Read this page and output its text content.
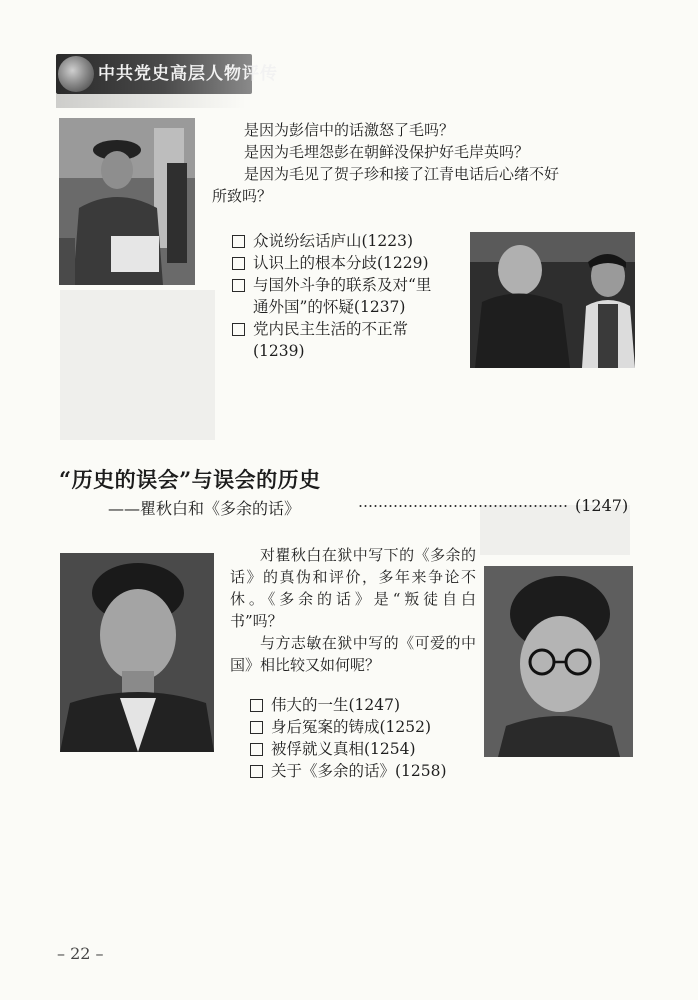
中共党史高层人物评传
是因为彭信中的话激怒了毛吗？
是因为毛埋怨彭在朝鲜没保护好毛岸英吗？
是因为毛见了贺子珍和接了江青电话后心绪不好
所致吗？
众说纷纭话庐山(1223)
认识上的根本分歧(1229)
与国外斗争的联系及对“里
通外国”的怀疑(1237)
党内民主生活的不正常
(1239)
“历史的误会”与误会的历史
——瞿秋白和《多余的话》	(1247)

对瞿秋白在狱中写下的《多余的话》的真伪和评价，多年来争论不休。《多余的话》是“叛徒自白书”吗？

与方志敏在狱中写的《可爱的中国》相比较又如何呢？

伟大的一生(1247)
身后冤案的铸成(1252)
被俘就义真相(1254)
关于《多余的话》(1258)
– 22 –
